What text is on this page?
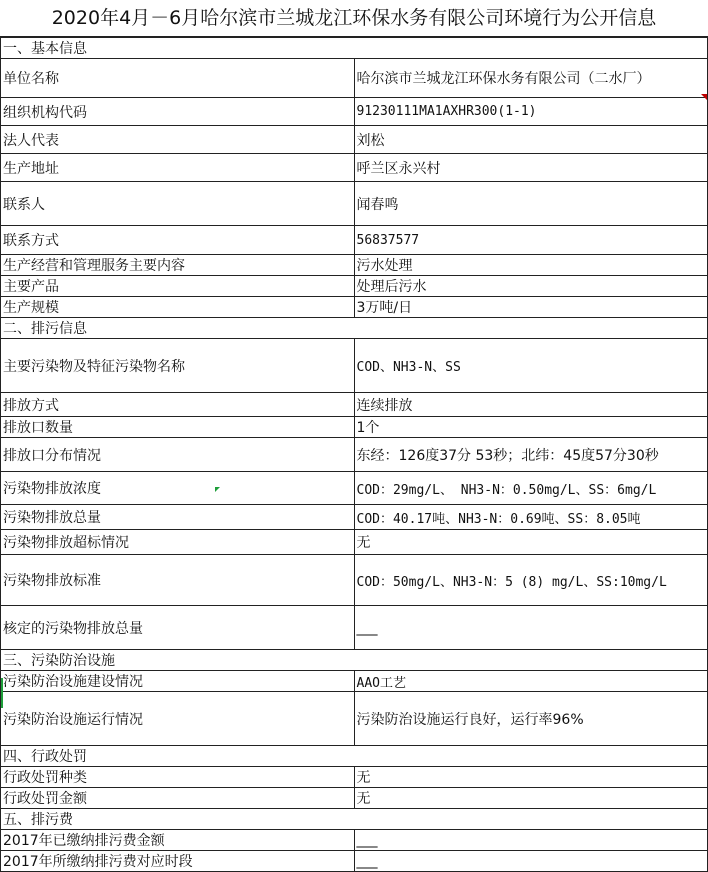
2020年4月－6月哈尔滨市兰城龙江环保水务有限公司环境行为公开信息
一、基本信息	
单位名称	哈尔滨市兰城龙江环保水务有限公司（二水厂）
组织机构代码	91230111MA1AXHR300(1-1)
法人代表	刘松
生产地址	呼兰区永兴村
联系人	闻春鸣
联系方式	56837577
生产经营和管理服务主要内容	污水处理
主要产品	处理后污水
生产规模	3万吨/日
二、排污信息	
主要污染物及特征污染物名称	COD、NH3-N、SS
排放方式	连续排放
排放口数量	1个
排放口分布情况	东经：126度37分 53秒；北纬：45度57分30秒
污染物排放浓度	COD：29mg/L、 NH3-N：0.50mg/L、SS：6mg/L
污染物排放总量	COD：40.17吨、NH3-N：0.69吨、SS：8.05吨
污染物排放超标情况	无
污染物排放标准	COD：50mg/L、NH3-N：5 (8) mg/L、SS:10mg/L
核定的污染物排放总量	___
三、污染防治设施	
污染防治设施建设情况	AAO工艺
污染防治设施运行情况	污染防治设施运行良好，运行率96%
四、行政处罚	
行政处罚种类	无
行政处罚金额	无
五、排污费	
2017年已缴纳排污费金额	___
2017年所缴纳排污费对应时段	___
